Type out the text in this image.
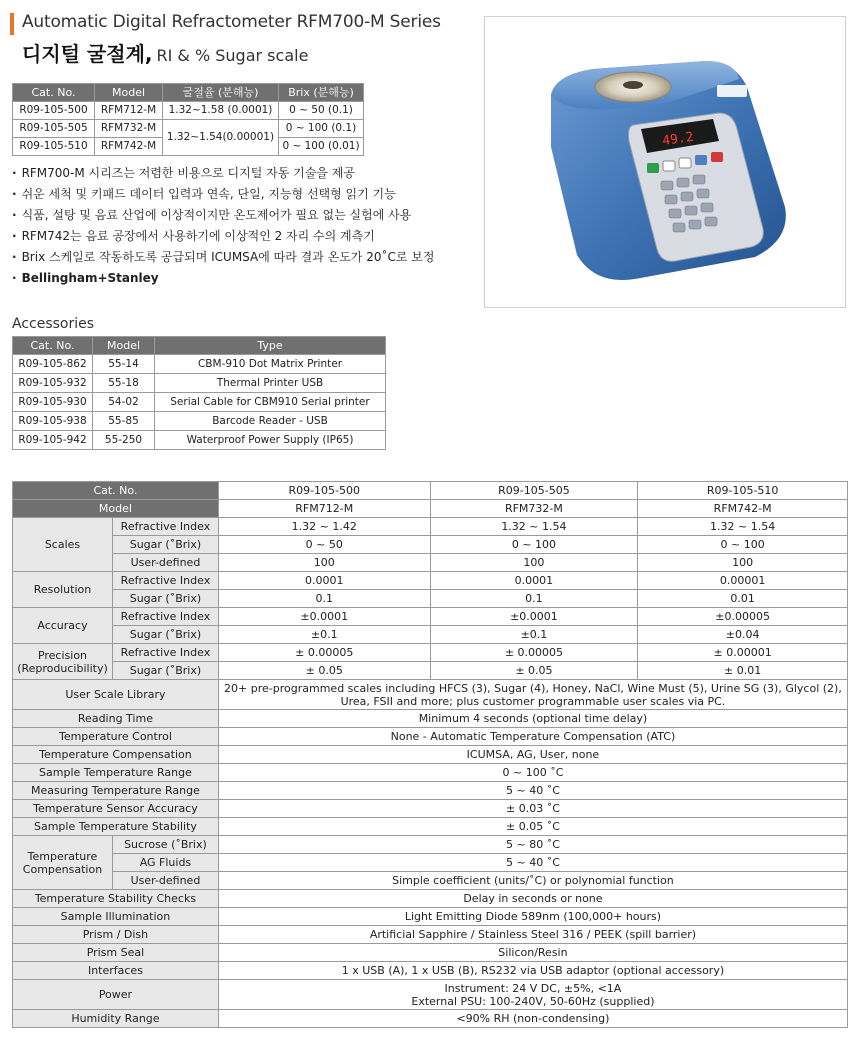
Automatic Digital Refractometer RFM700-M Series
디지털 굴절계, RI & % Sugar scale
Cat. No.	Model	굴절율 (분해능)	Brix (분해능)
R09-105-500	RFM712-M	1.32~1.58 (0.0001)	0 ~ 50 (0.1)
R09-105-505	RFM732-M	1.32~1.54(0.00001)	0 ~ 100 (0.1)
R09-105-510	RFM742-M		0 ~ 100 (0.01)
· RFM700-M 시리즈는 저렴한 비용으로 디지털 자동 기술을 제공
· 쉬운 세척 및 키패드 데이터 입력과 연속, 단일, 지능형 선택형 읽기 기능
· 식품, 설탕 및 음료 산업에 이상적이지만 온도제어가 필요 없는 실험에 사용
· RFM742는 음료 공장에서 사용하기에 이상적인 2 자리 수의 계측기
· Brix 스케일로 작동하도록 공급되며 ICUMSA에 따라 결과 온도가 20˚C로 보정
· Bellingham+Stanley
49.2
Accessories
Cat. No.	Model	Type
R09-105-862	55-14	CBM-910 Dot Matrix Printer
R09-105-932	55-18	Thermal Printer USB
R09-105-930	54-02	Serial Cable for CBM910 Serial printer
R09-105-938	55-85	Barcode Reader - USB
R09-105-942	55-250	Waterproof Power Supply (IP65)
Cat. No.		R09-105-500	R09-105-505	R09-105-510
Model		RFM712-M	RFM732-M	RFM742-M
Scales	Refractive Index	1.32 ~ 1.42	1.32 ~ 1.54	1.32 ~ 1.54
	Sugar (˚Brix)	0 ~ 50	0 ~ 100	0 ~ 100
	User-defined	100	100	100
Resolution	Refractive Index	0.0001	0.0001	0.00001
	Sugar (˚Brix)	0.1	0.1	0.01
Accuracy	Refractive Index	±0.0001	±0.0001	±0.00005
	Sugar (˚Brix)	±0.1	±0.1	±0.04
Precision
(Reproducibility)	Refractive Index	± 0.00005	± 0.00005	± 0.00001
	Sugar (˚Brix)	± 0.05	± 0.05	± 0.01
User Scale Library		20+ pre-programmed scales including HFCS (3), Sugar (4), Honey, NaCl, Wine Must (5), Urine SG (3), Glycol (2),
Urea, FSII and more; plus customer programmable user scales via PC.		
Reading Time		Minimum 4 seconds (optional time delay)		
Temperature Control		None - Automatic Temperature Compensation (ATC)		
Temperature Compensation		ICUMSA, AG, User, none		
Sample Temperature Range		0 ~ 100 ˚C		
Measuring Temperature Range		5 ~ 40 ˚C		
Temperature Sensor Accuracy		± 0.03 ˚C		
Sample Temperature Stability		± 0.05 ˚C		
Temperature
Compensation	Sucrose (˚Brix)	5 ~ 80 ˚C		
	AG Fluids	5 ~ 40 ˚C		
	User-defined	Simple coefficient (units/˚C) or polynomial function		
Temperature Stability Checks		Delay in seconds or none		
Sample Illumination		Light Emitting Diode 589nm (100,000+ hours)		
Prism / Dish		Artificial Sapphire / Stainless Steel 316 / PEEK (spill barrier)		
Prism Seal		Silicon/Resin		
Interfaces		1 x USB (A), 1 x USB (B), RS232 via USB adaptor (optional accessory)		
Power		Instrument: 24 V DC, ±5%, <1A
External PSU: 100-240V, 50-60Hz (supplied)		
Humidity Range		<90% RH (non-condensing)		
